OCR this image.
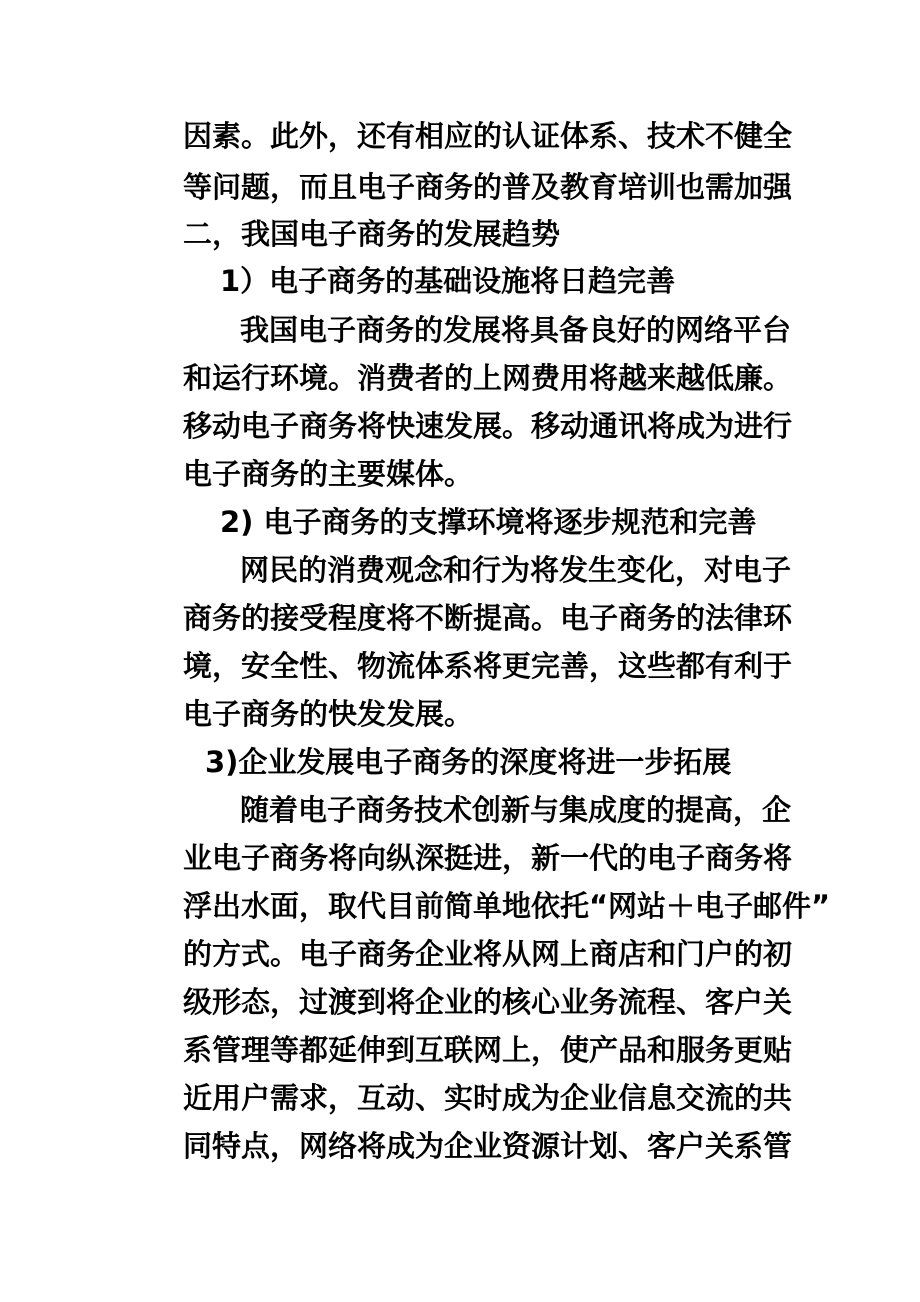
因素。此外，还有相应的认证体系、技术不健全
等问题，而且电子商务的普及教育培训也需加强
二，我国电子商务的发展趋势
1）电子商务的基础设施将日趋完善
我国电子商务的发展将具备良好的网络平台
和运行环境。消费者的上网费用将越来越低廉。
移动电子商务将快速发展。移动通讯将成为进行
电子商务的主要媒体。
2) 电子商务的支撑环境将逐步规范和完善
网民的消费观念和行为将发生变化，对电子
商务的接受程度将不断提高。电子商务的法律环
境，安全性、物流体系将更完善，这些都有利于
电子商务的快发发展。
3)企业发展电子商务的深度将进一步拓展
随着电子商务技术创新与集成度的提高，企
业电子商务将向纵深挺进，新一代的电子商务将
浮出水面，取代目前简单地依托“网站＋电子邮件”
的方式。电子商务企业将从网上商店和门户的初
级形态，过渡到将企业的核心业务流程、客户关
系管理等都延伸到互联网上，使产品和服务更贴
近用户需求，互动、实时成为企业信息交流的共
同特点，网络将成为企业资源计划、客户关系管
